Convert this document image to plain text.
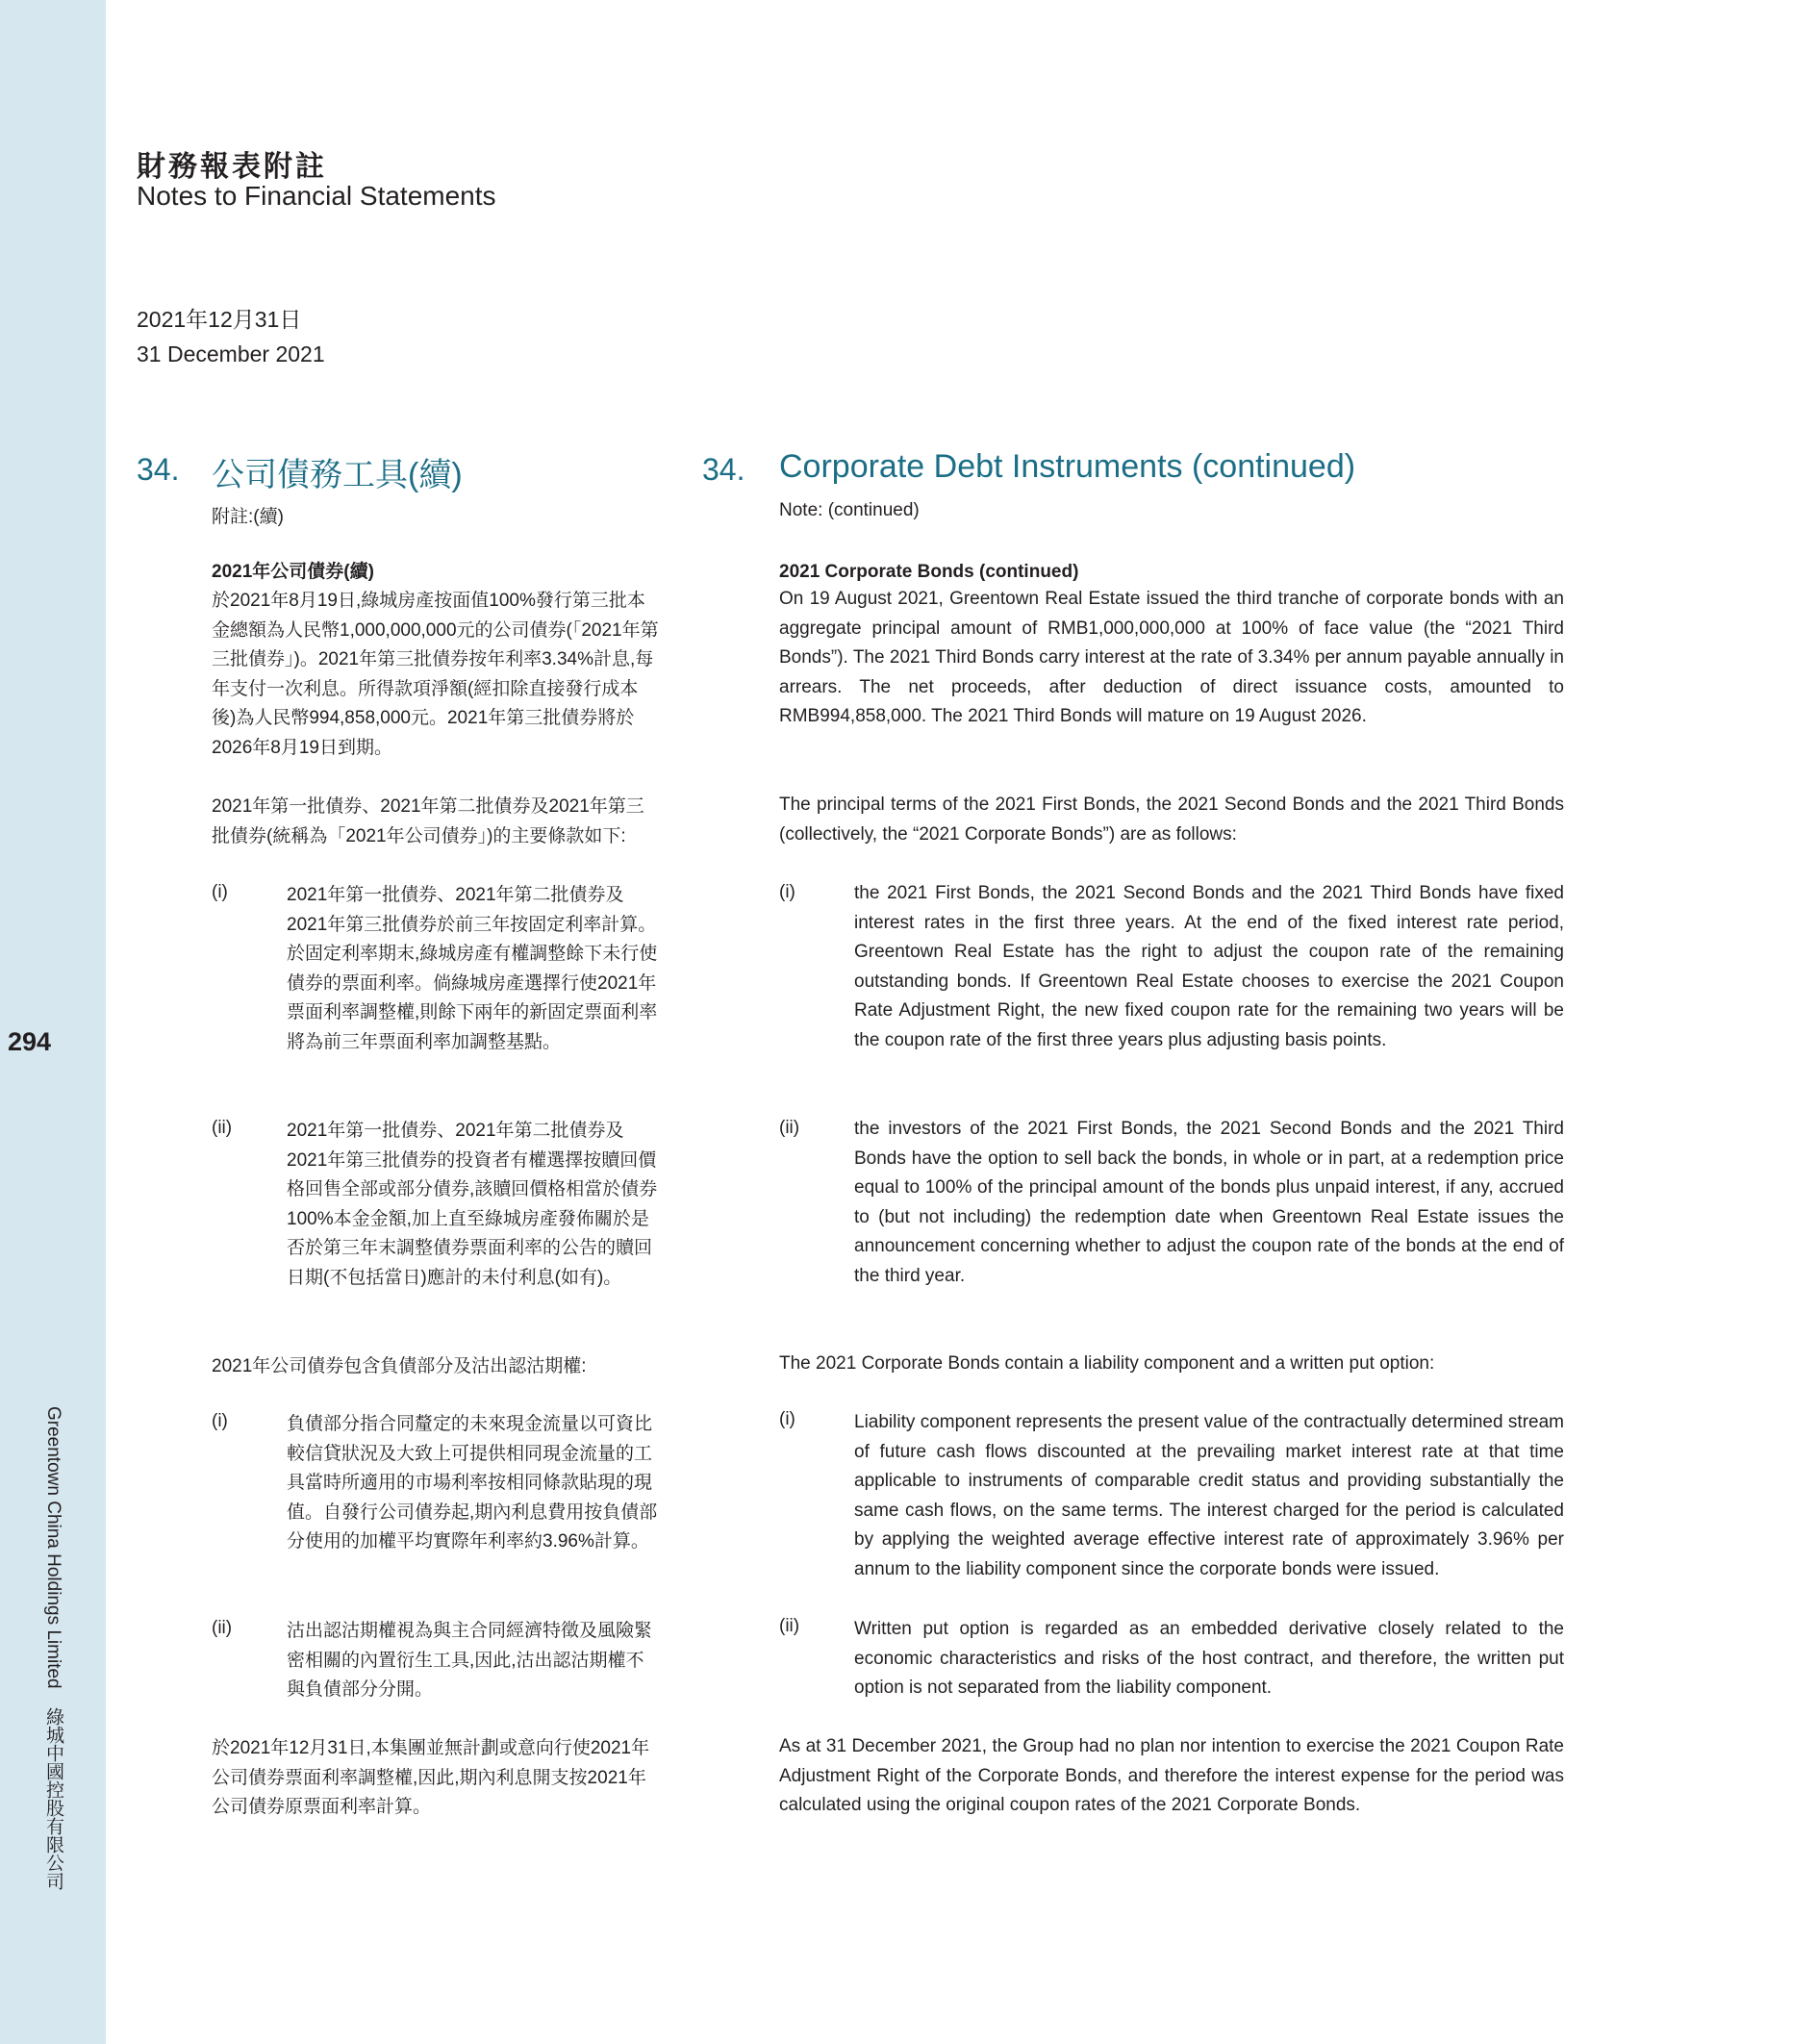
294
Greentown China Holdings Limited　綠城中國控股有限公司
財務報表附註
Notes to Financial Statements
2021年12月31日
31 December 2021
34. 公司債務工具(續)	34. Corporate Debt Instruments (continued)
附註:(續)	Note: (continued)
2021年公司債券(續)
於2021年8月19日,綠城房產按面值100%發行第三批本金總額為人民幣1,000,000,000元的公司債券(「2021年第三批債券」)。2021年第三批債券按年利率3.34%計息,每年支付一次利息。所得款項淨額(經扣除直接發行成本後)為人民幣994,858,000元。2021年第三批債券將於2026年8月19日到期。
2021年第一批債券、2021年第二批債券及2021年第三批債券(統稱為「2021年公司債券」)的主要條款如下:
(i)	2021年第一批債券、2021年第二批債券及2021年第三批債券於前三年按固定利率計算。於固定利率期末,綠城房產有權調整餘下未行使債券的票面利率。倘綠城房產選擇行使2021年票面利率調整權,則餘下兩年的新固定票面利率將為前三年票面利率加調整基點。
(ii)	2021年第一批債券、2021年第二批債券及2021年第三批債券的投資者有權選擇按贖回價格回售全部或部分債券,該贖回價格相當於債券100%本金金額,加上直至綠城房產發佈關於是否於第三年末調整債券票面利率的公告的贖回日期(不包括當日)應計的未付利息(如有)。
2021年公司債券包含負債部分及沽出認沽期權:
(i)	負債部分指合同釐定的未來現金流量以可資比較信貸狀況及大致上可提供相同現金流量的工具當時所適用的市場利率按相同條款貼現的現值。自發行公司債券起,期內利息費用按負債部分使用的加權平均實際年利率約3.96%計算。
(ii)	沽出認沽期權視為與主合同經濟特徵及風險緊密相關的內置衍生工具,因此,沽出認沽期權不與負債部分分開。
於2021年12月31日,本集團並無計劃或意向行使2021年公司債券票面利率調整權,因此,期內利息開支按2021年公司債券原票面利率計算。
2021 Corporate Bonds (continued)
On 19 August 2021, Greentown Real Estate issued the third tranche of corporate bonds with an aggregate principal amount of RMB1,000,000,000 at 100% of face value (the “2021 Third Bonds”). The 2021 Third Bonds carry interest at the rate of 3.34% per annum payable annually in arrears. The net proceeds, after deduction of direct issuance costs, amounted to RMB994,858,000. The 2021 Third Bonds will mature on 19 August 2026.
The principal terms of the 2021 First Bonds, the 2021 Second Bonds and the 2021 Third Bonds (collectively, the “2021 Corporate Bonds”) are as follows:
(i)	the 2021 First Bonds, the 2021 Second Bonds and the 2021 Third Bonds have fixed interest rates in the first three years. At the end of the fixed interest rate period, Greentown Real Estate has the right to adjust the coupon rate of the remaining outstanding bonds. If Greentown Real Estate chooses to exercise the 2021 Coupon Rate Adjustment Right, the new fixed coupon rate for the remaining two years will be the coupon rate of the first three years plus adjusting basis points.
(ii)	the investors of the 2021 First Bonds, the 2021 Second Bonds and the 2021 Third Bonds have the option to sell back the bonds, in whole or in part, at a redemption price equal to 100% of the principal amount of the bonds plus unpaid interest, if any, accrued to (but not including) the redemption date when Greentown Real Estate issues the announcement concerning whether to adjust the coupon rate of the bonds at the end of the third year.
The 2021 Corporate Bonds contain a liability component and a written put option:
(i)	Liability component represents the present value of the contractually determined stream of future cash flows discounted at the prevailing market interest rate at that time applicable to instruments of comparable credit status and providing substantially the same cash flows, on the same terms. The interest charged for the period is calculated by applying the weighted average effective interest rate of approximately 3.96% per annum to the liability component since the corporate bonds were issued.
(ii)	Written put option is regarded as an embedded derivative closely related to the economic characteristics and risks of the host contract, and therefore, the written put option is not separated from the liability component.
As at 31 December 2021, the Group had no plan nor intention to exercise the 2021 Coupon Rate Adjustment Right of the Corporate Bonds, and therefore the interest expense for the period was calculated using the original coupon rates of the 2021 Corporate Bonds.
